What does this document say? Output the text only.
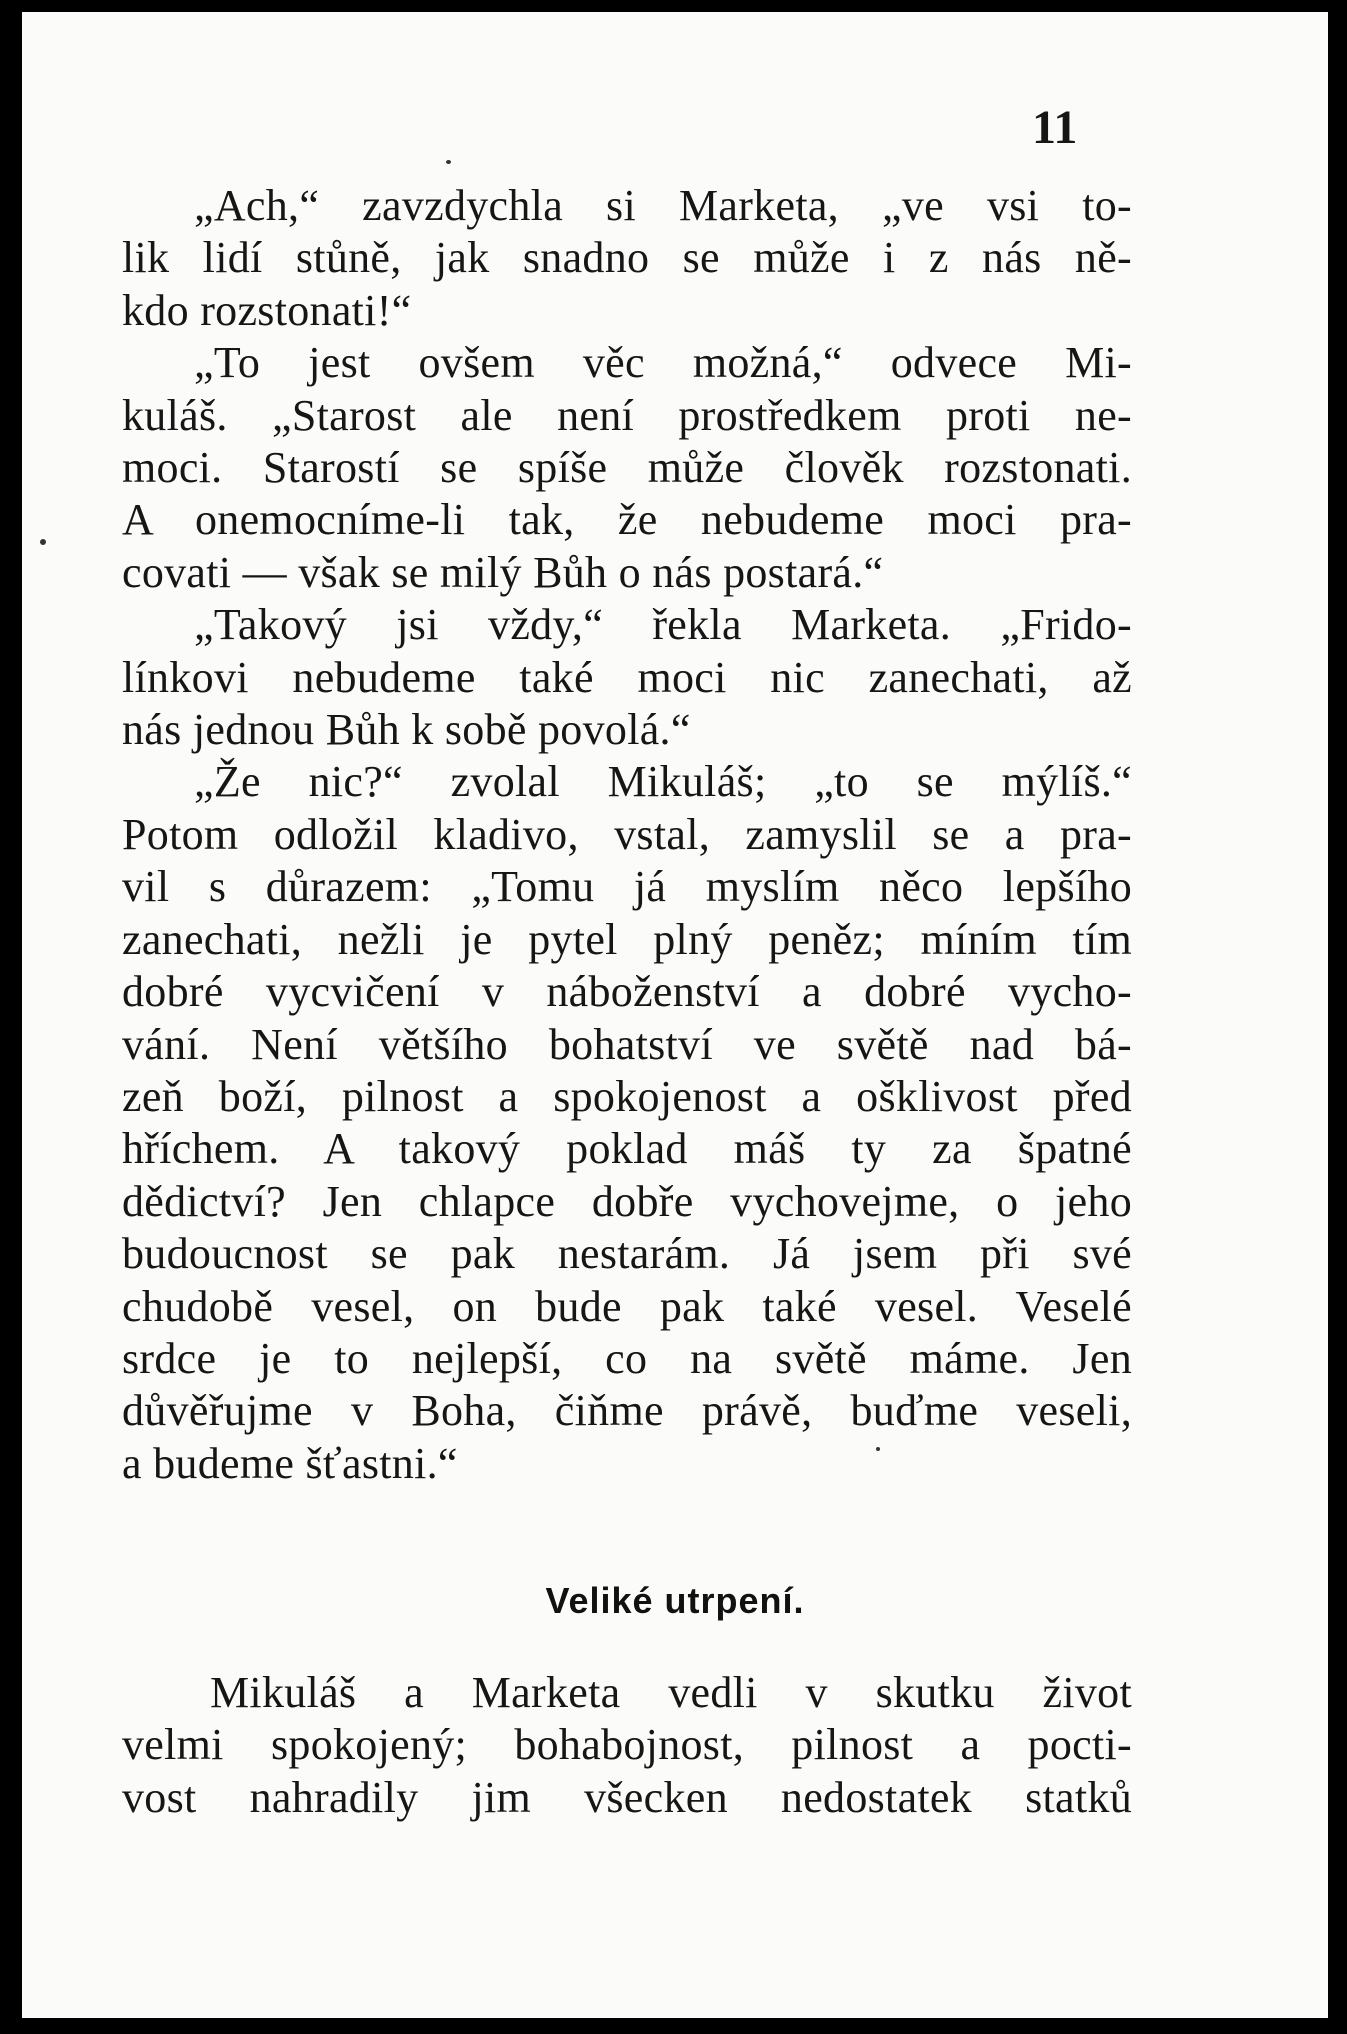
11
„Ach,“ zavzdychla si Marketa, „ve vsi to-
lik lidí stůně, jak snadno se může i z nás ně-
kdo rozstonati!“
„To jest ovšem věc možná,“ odvece Mi-
kuláš. „Starost ale není prostředkem proti ne-
moci. Starostí se spíše může člověk rozstonati.
A onemocníme-li tak, že nebudeme moci pra-
covati — však se milý Bůh o nás postará.“
„Takový jsi vždy,“ řekla Marketa. „Frido-
línkovi nebudeme také moci nic zanechati, až
nás jednou Bůh k sobě povolá.“
„Že nic?“ zvolal Mikuláš; „to se mýlíš.“
Potom odložil kladivo, vstal, zamyslil se a pra-
vil s důrazem: „Tomu já myslím něco lepšího
zanechati, nežli je pytel plný peněz; míním tím
dobré vycvičení v náboženství a dobré vycho-
vání. Není většího bohatství ve světě nad bá-
zeň boží, pilnost a spokojenost a ošklivost před
hříchem. A takový poklad máš ty za špatné
dědictví? Jen chlapce dobře vychovejme, o jeho
budoucnost se pak nestarám. Já jsem při své
chudobě vesel, on bude pak také vesel. Veselé
srdce je to nejlepší, co na světě máme. Jen
důvěřujme v Boha, čiňme právě, buďme veseli,
a budeme šťastni.“
Veliké utrpení.
Mikuláš a Marketa vedli v skutku život
velmi spokojený; bohabojnost, pilnost a pocti-
vost nahradily jim všecken nedostatek statků
